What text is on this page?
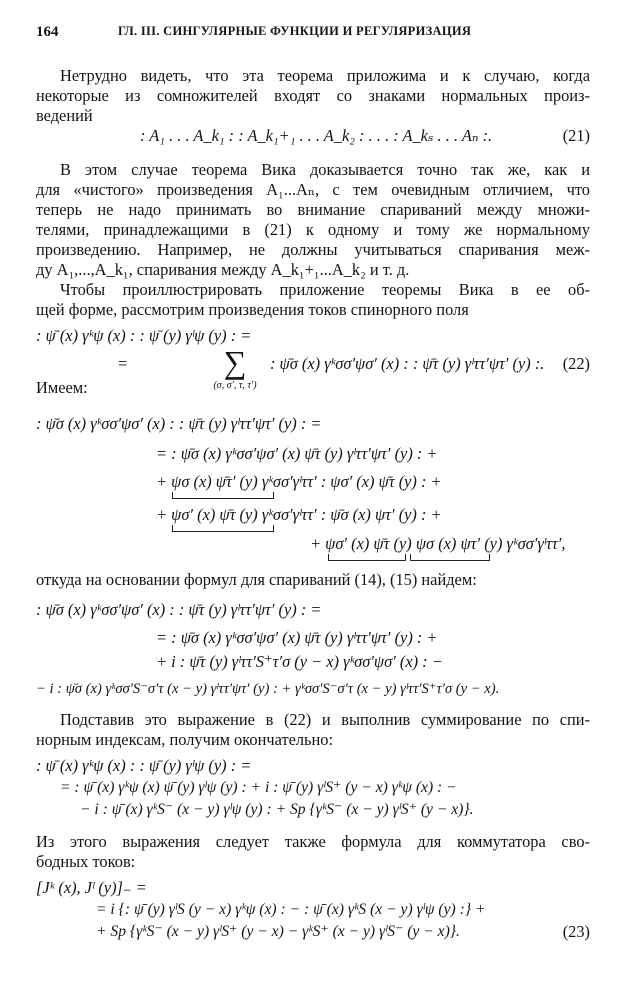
164	ГЛ. III. СИНГУЛЯРНЫЕ ФУНКЦИИ И РЕГУЛЯРИЗАЦИЯ
Нетрудно видеть, что эта теорема приложима и к случаю, когда
некоторые из сомножителей входят со знаками нормальных произ-
ведений
: A₁ . . . A_k₁ : : A_k₁+₁ . . . A_k₂ : . . . : A_kₛ . . . Aₙ :.	(21)
В этом случае теорема Вика доказывается точно так же, как и
для «чистого» произведения A₁...Aₙ, с тем очевидным отличием, что
теперь не надо принимать во внимание спариваний между множи-
телями, принадлежащими в (21) к одному и тому же нормальному
произведению. Например, не должны учитываться спаривания меж-
ду A₁,...,A_k₁, спаривания между A_k₁+₁...A_k₂ и т. д.
Чтобы проиллюстрировать приложение теоремы Вика в ее об-
щей форме, рассмотрим произведения токов спинорного поля
: ψ̄ (x) γᵏψ (x) : : ψ̄ (y) γˡψ (y) : =
=	∑
(σ, σ′, τ, τ′)
: ψ̄σ (x) γᵏσσ′ψσ′ (x) : : ψ̄τ (y) γˡττ′ψτ′ (y) :. (22)
Имеем:
: ψ̄σ (x) γᵏσσ′ψσ′ (x) : : ψ̄τ (y) γˡττ′ψτ′ (y) : =
= : ψ̄σ (x) γᵏσσ′ψσ′ (x) ψ̄τ (y) γˡττ′ψτ′ (y) : +
+ ψσ (x) ψ̄τ′ (y) γᵏσσ′γˡττ′ : ψσ′ (x) ψ̄τ (y) : +
+ ψσ′ (x) ψ̄τ (y) γᵏσσ′γˡττ′ : ψ̄σ (x) ψτ′ (y) : +
+ ψσ′ (x) ψ̄τ (y) ψσ (x) ψτ′ (y) γᵏσσ′γˡττ′,
откуда на основании формул для спариваний (14), (15) найдем:
: ψ̄σ (x) γᵏσσ′ψσ′ (x) : : ψ̄τ (y) γˡττ′ψτ′ (y) : =
= : ψ̄σ (x) γᵏσσ′ψσ′ (x) ψ̄τ (y) γˡττ′ψτ′ (y) : +
+ i : ψ̄τ (y) γˡττ′S⁺τ′σ (y − x) γᵏσσ′ψσ′ (x) : −
− i : ψ̄σ (x) γᵏσσ′S⁻σ′τ (x − y) γˡττ′ψτ′ (y) : + γᵏσσ′S⁻σ′τ (x − y) γˡττ′S⁺τ′σ (y − x).
Подставив это выражение в (22) и выполнив суммирование по спи-
норным индексам, получим окончательно:
: ψ̄ (x) γᵏψ (x) : : ψ̄ (y) γˡψ (y) : =
= : ψ̄ (x) γᵏψ (x) ψ̄ (y) γˡψ (y) : + i : ψ̄ (y) γˡS⁺ (y − x) γᵏψ (x) : −
− i : ψ̄ (x) γᵏS⁻ (x − y) γˡψ (y) : + Sp {γᵏS⁻ (x − y) γˡS⁺ (y − x)}.
Из этого выражения следует также формула для коммутатора сво-
бодных токов:
[Jᵏ (x), Jˡ (y)]₋ =
= i {: ψ̄ (y) γˡS (y − x) γᵏψ (x) : − : ψ̄ (x) γᵏS (x − y) γˡψ (y) :} +
+ Sp {γᵏS⁻ (x − y) γˡS⁺ (y − x) − γᵏS⁺ (x − y) γˡS⁻ (y − x)}.	(23)
